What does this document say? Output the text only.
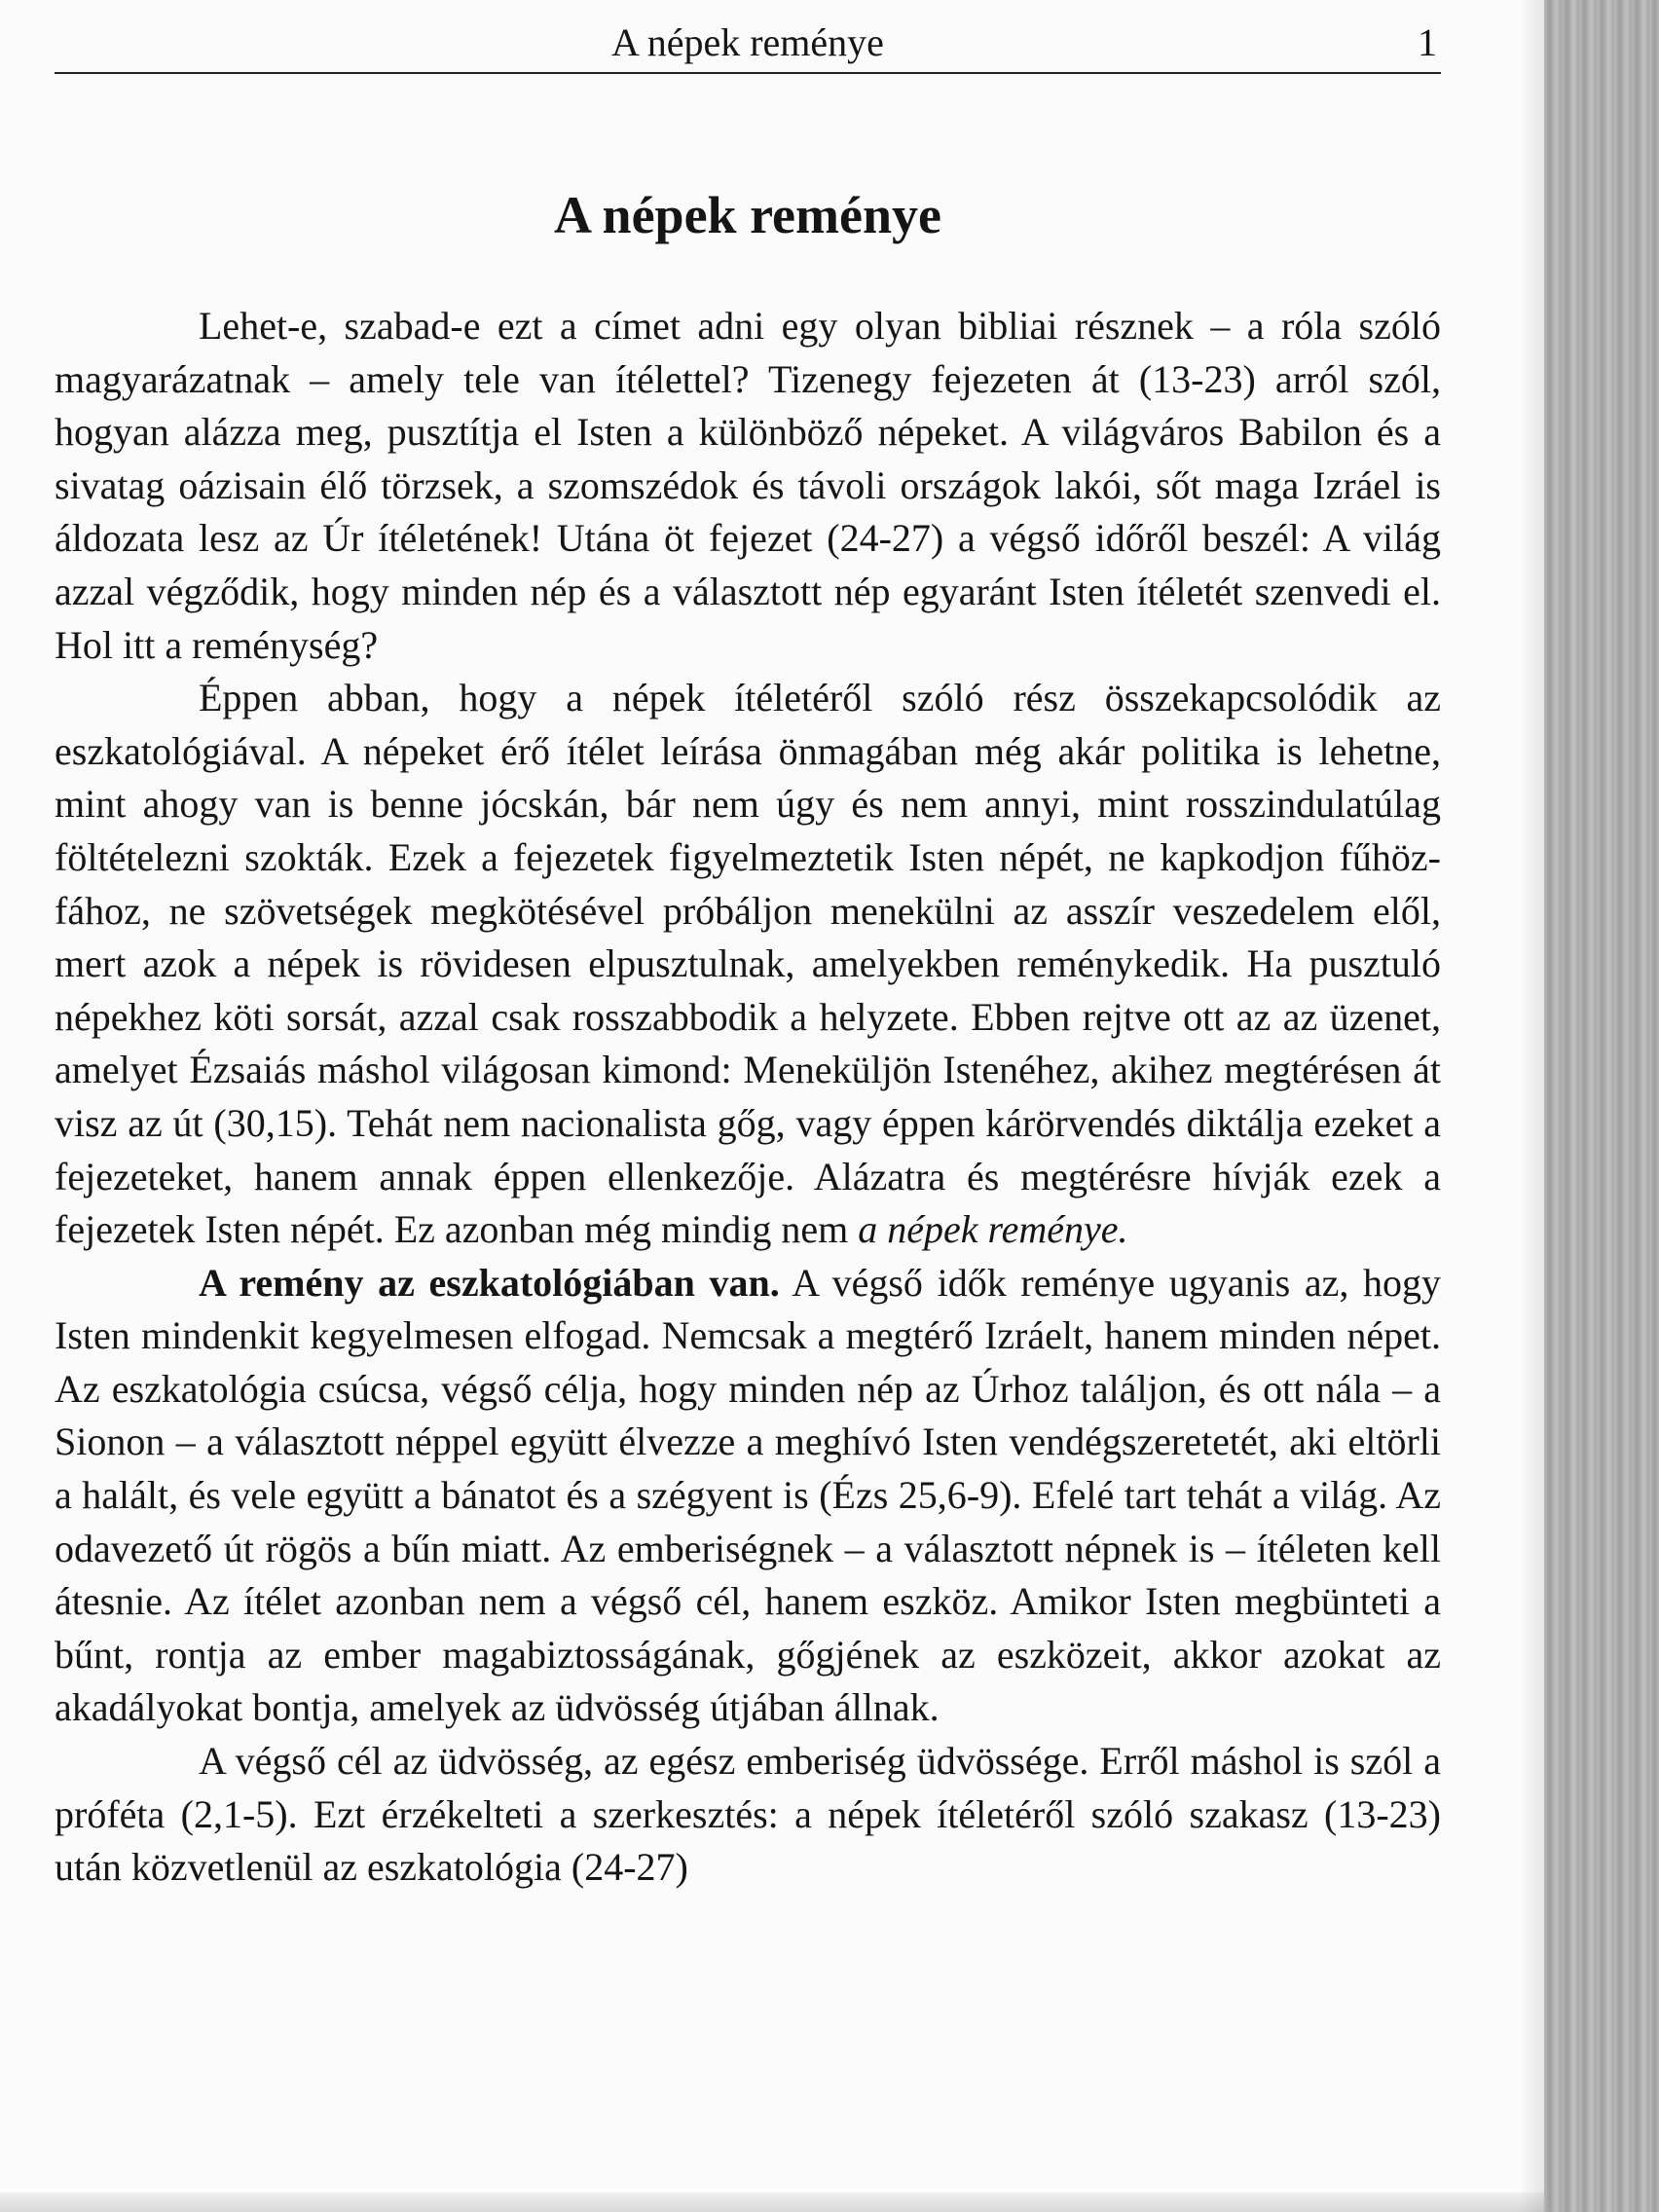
A népek reménye	1
A népek reménye

Lehet-e, szabad-e ezt a címet adni egy olyan bibliai résznek – a róla szóló magyarázatnak – amely tele van ítélettel? Tizenegy fejezeten át (13-23) arról szól, hogyan alázza meg, pusztítja el Isten a különböző népeket. A világváros Babilon és a sivatag oázisain élő törzsek, a szomszédok és távoli országok lakói, sőt maga Izráel is áldozata lesz az Úr ítéletének! Utána öt fejezet (24-27) a végső időről beszél: A világ azzal végződik, hogy minden nép és a választott nép egyaránt Isten ítéletét szenvedi el. Hol itt a reménység?

Éppen abban, hogy a népek ítéletéről szóló rész összekapcsolódik az eszkatológiával. A népeket érő ítélet leírása önmagában még akár politika is lehetne, mint ahogy van is benne jócskán, bár nem úgy és nem annyi, mint rosszindulatúlag föltételezni szokták. Ezek a fejezetek figyelmeztetik Isten népét, ne kapkodjon fűhöz-fához, ne szövetségek megkötésével próbáljon menekülni az asszír veszedelem elől, mert azok a népek is rövidesen elpusztulnak, amelyekben reménykedik. Ha pusztuló népekhez köti sorsát, azzal csak rosszabbodik a helyzete. Ebben rejtve ott az az üzenet, amelyet Ézsaiás máshol világosan kimond: Meneküljön Istenéhez, akihez megtérésen át visz az út (30,15). Tehát nem nacionalista gőg, vagy éppen kárörvendés diktálja ezeket a fejezeteket, hanem annak éppen ellenkezője. Alázatra és megtérésre hívják ezek a fejezetek Isten népét. Ez azonban még mindig nem a népek reménye.

A remény az eszkatológiában van. A végső idők reménye ugyanis az, hogy Isten mindenkit kegyelmesen elfogad. Nemcsak a megtérő Izráelt, hanem minden népet. Az eszkatológia csúcsa, végső célja, hogy minden nép az Úrhoz találjon, és ott nála – a Sionon – a választott néppel együtt élvezze a meghívó Isten vendégszeretetét, aki eltörli a halált, és vele együtt a bánatot és a szégyent is (Ézs 25,6-9). Efelé tart tehát a világ. Az odavezető út rögös a bűn miatt. Az emberiségnek – a választott népnek is – ítéleten kell átesnie. Az ítélet azonban nem a végső cél, hanem eszköz. Amikor Isten megbünteti a bűnt, rontja az ember magabiztosságának, gőgjének az eszközeit, akkor azokat az akadályokat bontja, amelyek az üdvösség útjában állnak.

A végső cél az üdvösség, az egész emberiség üdvössége. Erről máshol is szól a próféta (2,1-5). Ezt érzékelteti a szerkesztés: a népek ítéletéről szóló szakasz (13-23) után közvetlenül az eszkatológia (24-27)
